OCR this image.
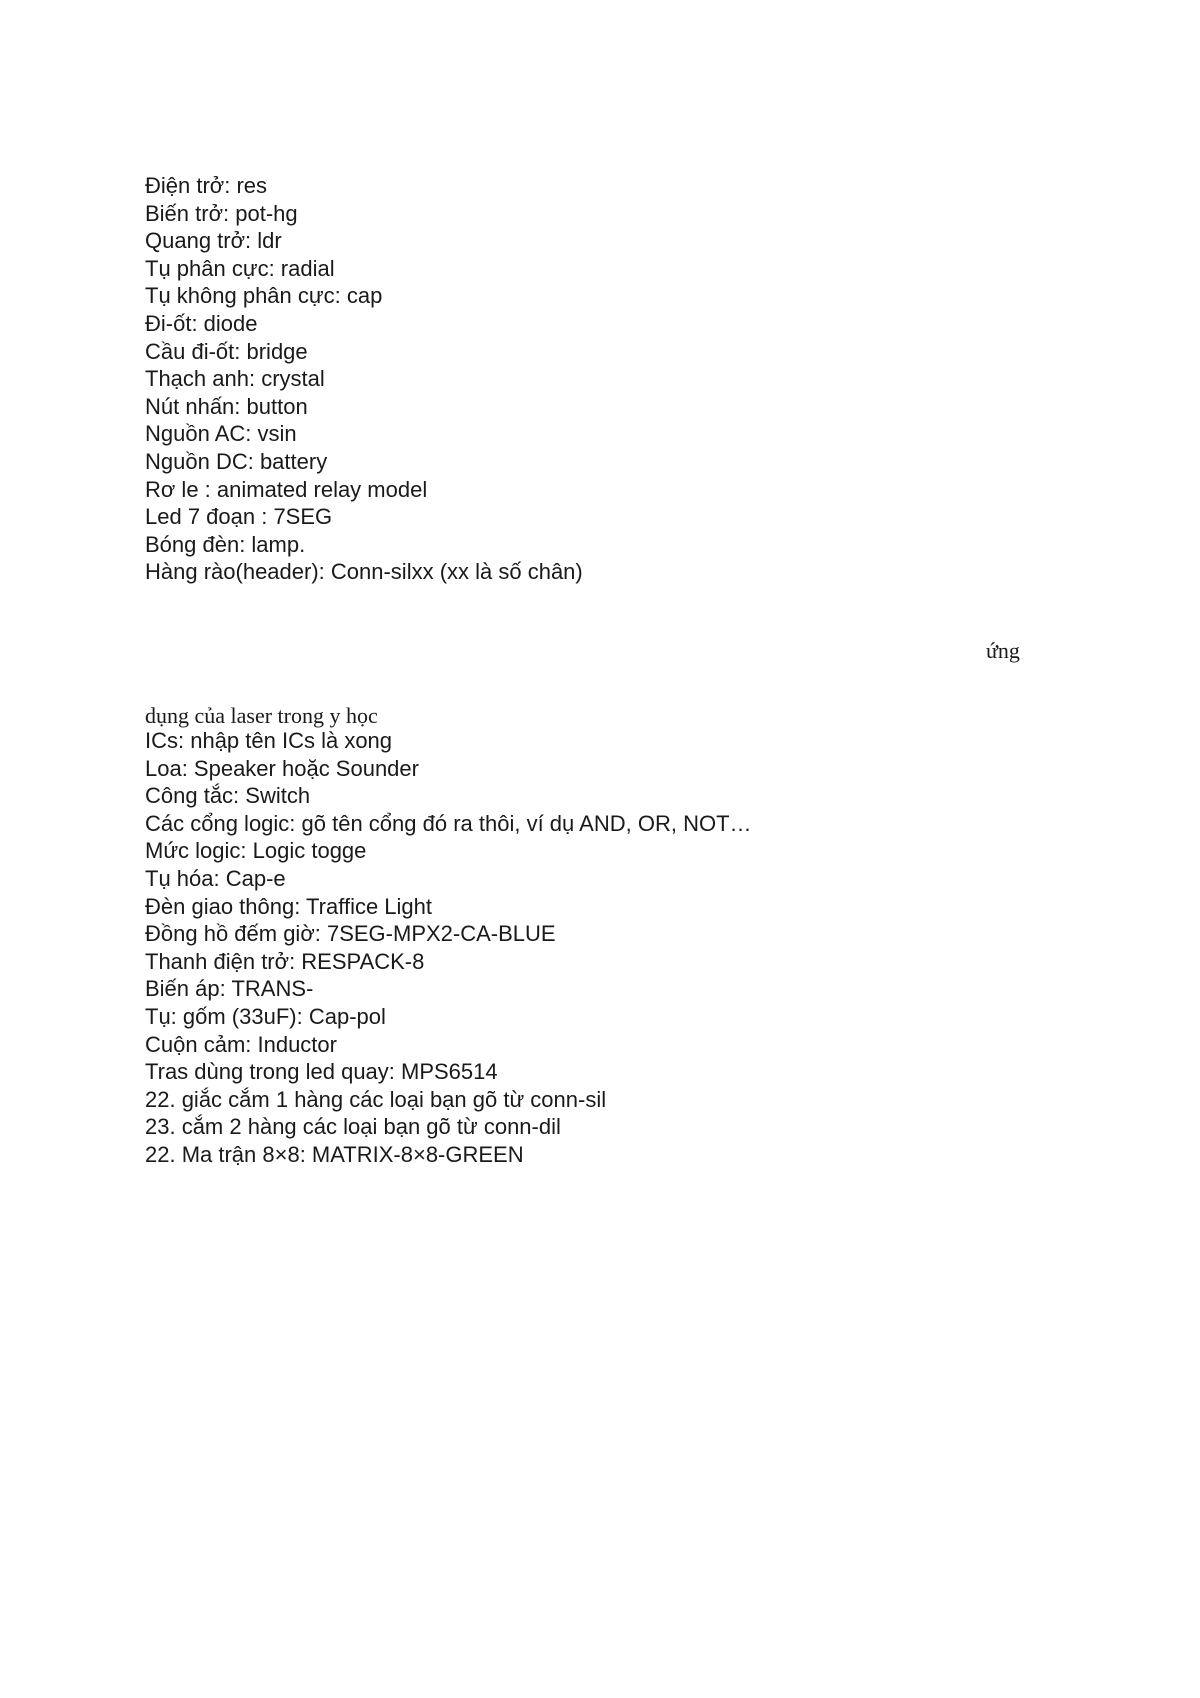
Điện trở: res
Biến trở: pot-hg
Quang trở: ldr
Tụ phân cực: radial
Tụ không phân cực: cap
Đi-ốt: diode
Cầu đi-ốt: bridge
Thạch anh: crystal
Nút nhấn: button
Nguồn AC: vsin
Nguồn DC: battery
Rơ le : animated relay model
Led 7 đoạn : 7SEG
Bóng đèn: lamp.
Hàng rào(header): Conn-silxx (xx là số chân)
ứng
dụng của laser trong y học
ICs: nhập tên ICs là xong
Loa: Speaker hoặc Sounder
Công tắc: Switch
Các cổng logic: gõ tên cổng đó ra thôi, ví dụ AND, OR, NOT…
Mức logic: Logic togge
Tụ hóa: Cap-e
Đèn giao thông: Traffice Light
Đồng hồ đếm giờ: 7SEG-MPX2-CA-BLUE
Thanh điện trở: RESPACK-8
Biến áp: TRANS-
Tụ: gốm (33uF): Cap-pol
Cuộn cảm: Inductor
Tras dùng trong led quay: MPS6514
22. giắc cắm 1 hàng các loại bạn gõ từ conn-sil
23. cắm 2 hàng các loại bạn gõ từ conn-dil
22. Ma trận 8×8: MATRIX-8×8-GREEN
